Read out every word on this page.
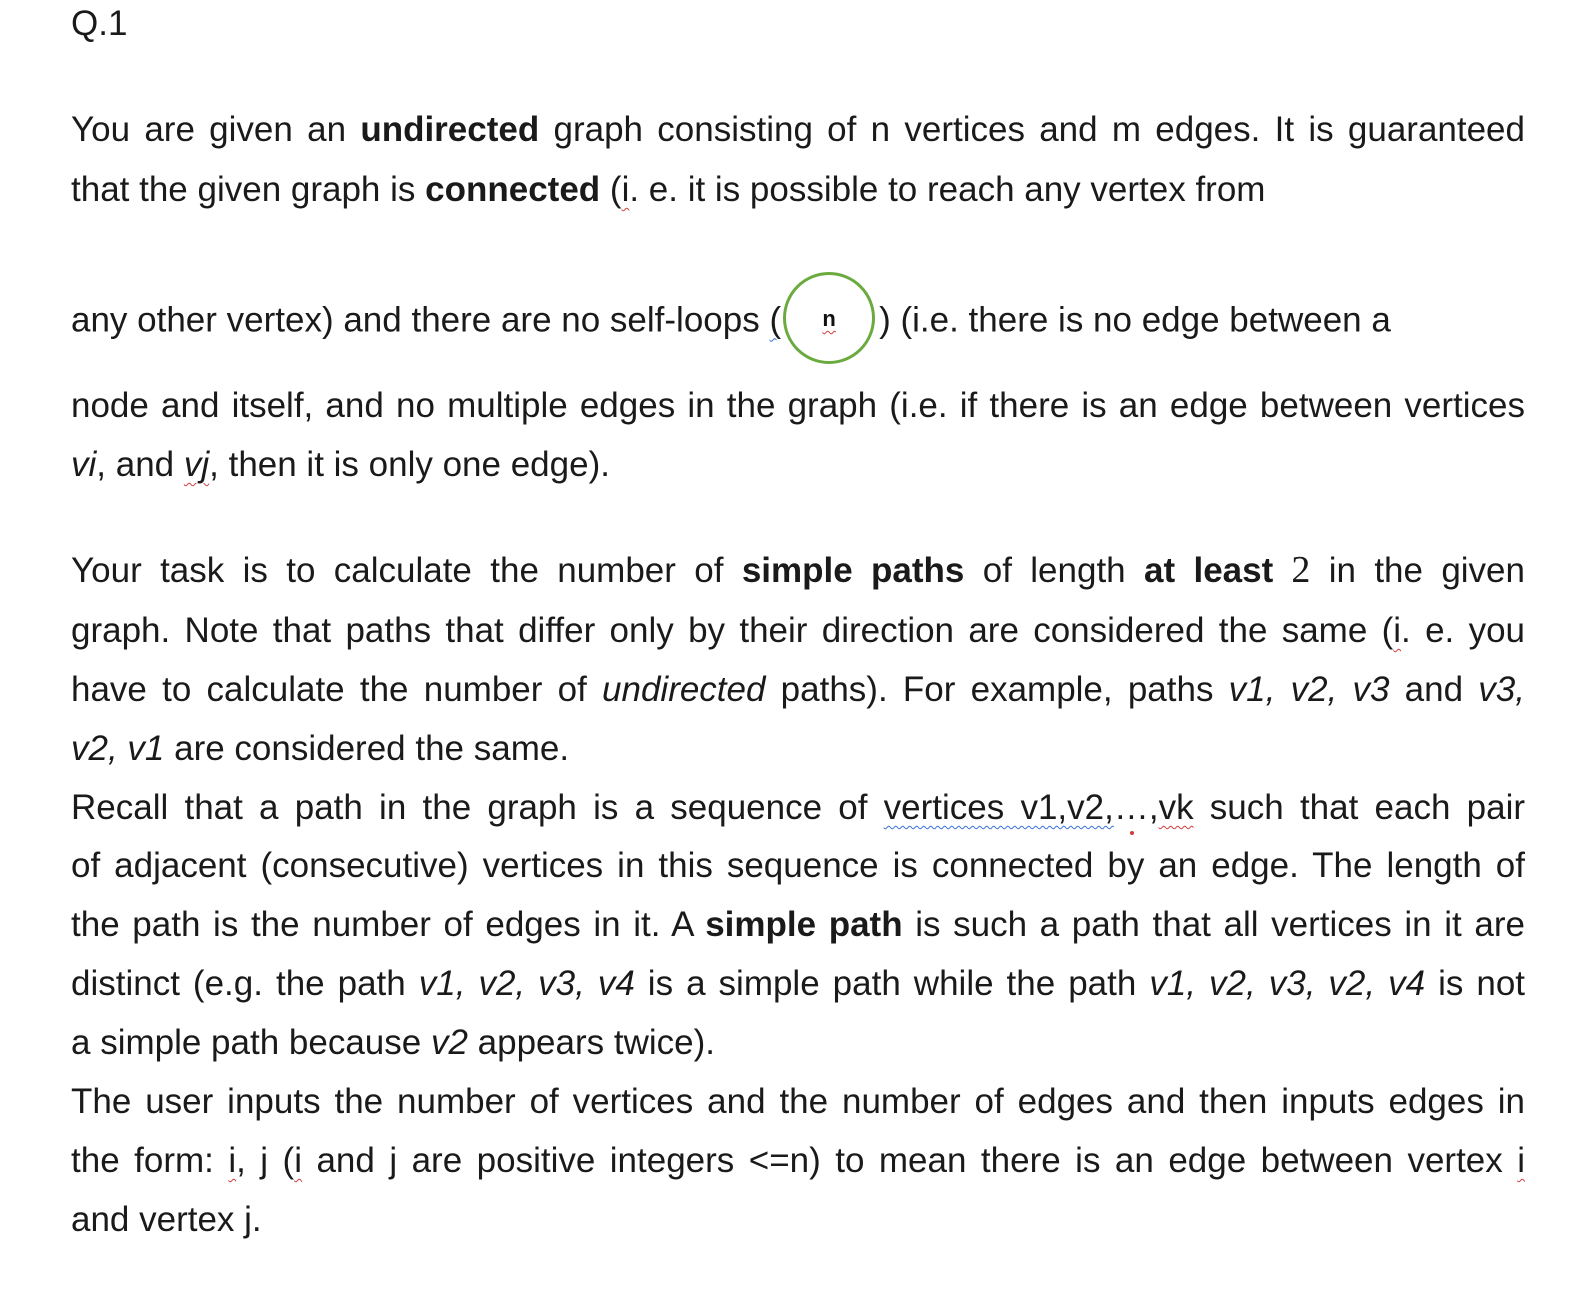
Q.1
You are given an undirected graph consisting of n vertices and m edges. It is guaranteed
that the given graph is connected (i. e. it is possible to reach any vertex from
any other vertex) and there are no self-loops (	n	) (i.e. there is no edge between a
node and itself, and no multiple edges in the graph (i.e. if there is an edge between vertices
vi, and vj, then it is only one edge).
Your task is to calculate the number of simple paths of length at least 2 in the given
graph. Note that paths that differ only by their direction are considered the same (i. e. you
have to calculate the number of undirected paths). For example, paths v1, v2, v3 and v3,
v2, v1 are considered the same.
Recall that a path in the graph is a sequence of vertices v1,v2,…,vk such that each pair
of adjacent (consecutive) vertices in this sequence is connected by an edge. The length of
the path is the number of edges in it. A simple path is such a path that all vertices in it are
distinct (e.g. the path v1, v2, v3, v4 is a simple path while the path v1, v2, v3, v2, v4 is not
a simple path because v2 appears twice).
The user inputs the number of vertices and the number of edges and then inputs edges in
the form: i, j (i and j are positive integers <=n) to mean there is an edge between vertex i
and vertex j.
